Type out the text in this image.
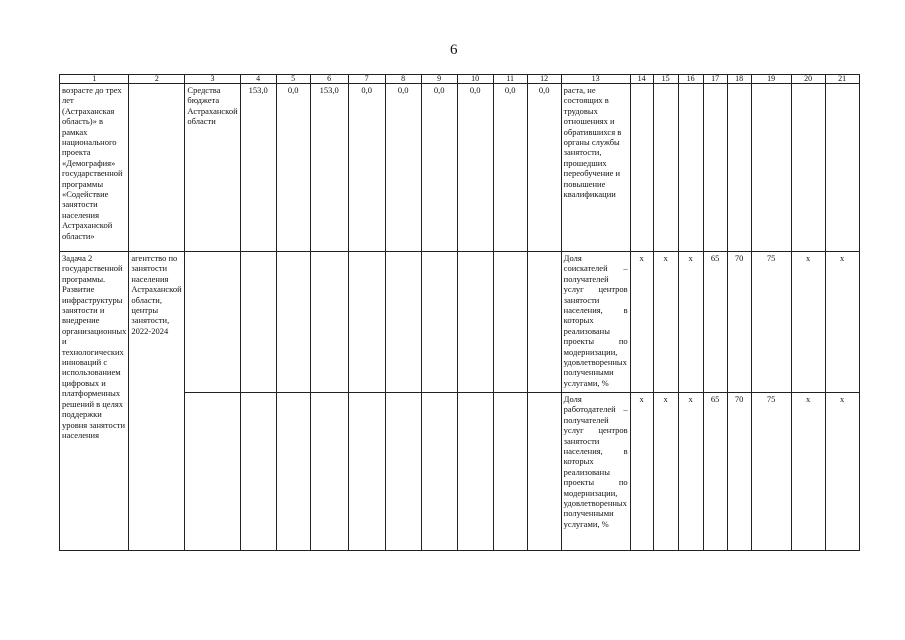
6
1	2	3	4	5	6	7	8	9	10	11	12	13	14	15	16	17	18	19	20	21
возрасте до трех лет (Астраханская область)» в рамках национального проекта «Демография» государственной программы «Содействие занятости населения Астраханской области»		Средства бюджета Астраханской области	153,0	0,0	153,0	0,0	0,0	0,0	0,0	0,0	0,0	раста, не состоящих в трудовых отношениях и обратившихся в органы службы занятости, прошедших переобучение и повышение квалификации								
Задача 2 государственной программы. Развитие инфраструктуры занятости и внедрение организационных и технологических инноваций с использованием цифровых и платформенных решений в целях поддержки уровня занятости населения	агентство по занятости населения Астраханской области, центры занятости, 2022-2024											Доля соискателей – получателей услуг центров занятости населения, в которых реализованы проекты по модернизации, удовлетворенных полученными услугами, %	x	x	x	65	70	75	x	x
												Доля работодателей – получателей услуг центров занятости населения, в которых реализованы проекты по модернизации, удовлетворенных полученными услугами, %	x	x	x	65	70	75	x	x
